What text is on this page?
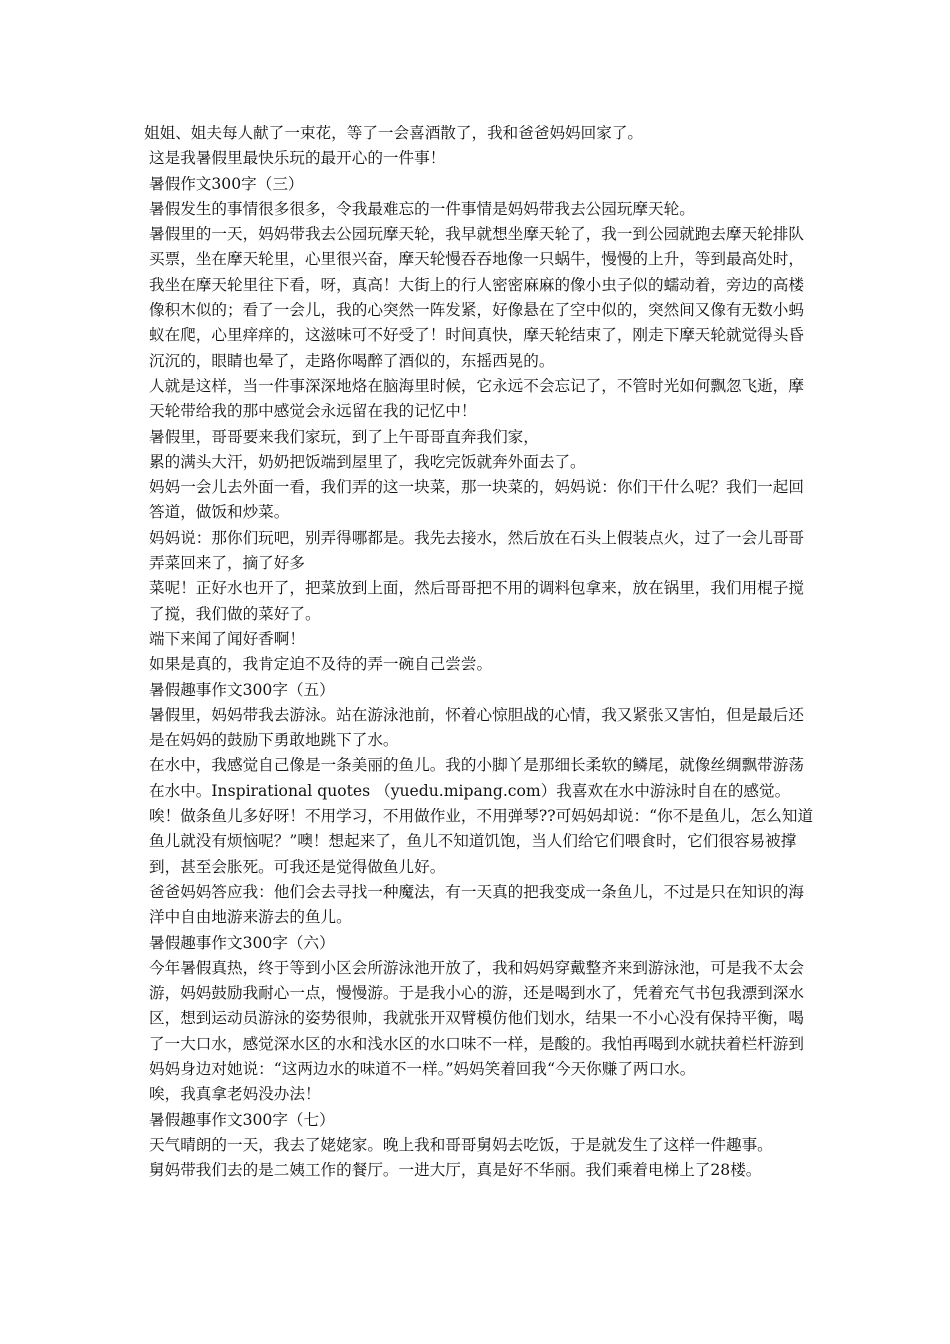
姐姐、姐夫每人献了一束花，等了一会喜酒散了，我和爸爸妈妈回家了。

这是我暑假里最快乐玩的最开心的一件事！

暑假作文300字（三）

暑假发生的事情很多很多，令我最难忘的一件事情是妈妈带我去公园玩摩天轮。

暑假里的一天，妈妈带我去公园玩摩天轮，我早就想坐摩天轮了，我一到公园就跑去摩天轮排队买票，坐在摩天轮里，心里很兴奋，摩天轮慢吞吞地像一只蜗牛，慢慢的上升，等到最高处时，我坐在摩天轮里往下看，呀，真高！大街上的行人密密麻麻的像小虫子似的蠕动着，旁边的高楼像积木似的；看了一会儿，我的心突然一阵发紧，好像悬在了空中似的，突然间又像有无数小蚂蚁在爬，心里痒痒的，这滋味可不好受了！时间真快，摩天轮结束了，刚走下摩天轮就觉得头昏沉沉的，眼睛也晕了，走路你喝醉了酒似的，东摇西晃的。

人就是这样，当一件事深深地烙在脑海里时候，它永远不会忘记了，不管时光如何飘忽飞逝，摩天轮带给我的那中感觉会永远留在我的记忆中！

暑假里，哥哥要来我们家玩，到了上午哥哥直奔我们家，

累的满头大汗，奶奶把饭端到屋里了，我吃完饭就奔外面去了。

妈妈一会儿去外面一看，我们弄的这一块菜，那一块菜的，妈妈说：你们干什么呢？我们一起回答道，做饭和炒菜。

妈妈说：那你们玩吧，别弄得哪都是。我先去接水，然后放在石头上假装点火，过了一会儿哥哥弄菜回来了，摘了好多

菜呢！正好水也开了，把菜放到上面，然后哥哥把不用的调料包拿来，放在锅里，我们用棍子搅了搅，我们做的菜好了。

端下来闻了闻好香啊！

如果是真的，我肯定迫不及待的弄一碗自己尝尝。

暑假趣事作文300字（五）

暑假里，妈妈带我去游泳。站在游泳池前，怀着心惊胆战的心情，我又紧张又害怕，但是最后还是在妈妈的鼓励下勇敢地跳下了水。

在水中，我感觉自己像是一条美丽的鱼儿。我的小脚丫是那细长柔软的鳞尾，就像丝绸飘带游荡在水中。Inspirational quotes （yuedu.mipang.com）我喜欢在水中游泳时自在的感觉。唉！做条鱼儿多好呀！不用学习，不用做作业，不用弹琴??可妈妈却说：“你不是鱼儿，怎么知道鱼儿就没有烦恼呢？”噢！想起来了，鱼儿不知道饥饱，当人们给它们喂食时，它们很容易被撑到，甚至会胀死。可我还是觉得做鱼儿好。

爸爸妈妈答应我：他们会去寻找一种魔法，有一天真的把我变成一条鱼儿，不过是只在知识的海洋中自由地游来游去的鱼儿。

暑假趣事作文300字（六）

今年暑假真热，终于等到小区会所游泳池开放了，我和妈妈穿戴整齐来到游泳池，可是我不太会游，妈妈鼓励我耐心一点，慢慢游。于是我小心的游，还是喝到水了，凭着充气书包我漂到深水区，想到运动员游泳的姿势很帅，我就张开双臂模仿他们划水，结果一不小心没有保持平衡，喝了一大口水，感觉深水区的水和浅水区的水口味不一样，是酸的。我怕再喝到水就扶着栏杆游到妈妈身边对她说：“这两边水的味道不一样。”妈妈笑着回我“今天你赚了两口水。

唉，我真拿老妈没办法！

暑假趣事作文300字（七）

天气晴朗的一天，我去了姥姥家。晚上我和哥哥舅妈去吃饭，于是就发生了这样一件趣事。

舅妈带我们去的是二姨工作的餐厅。一进大厅，真是好不华丽。我们乘着电梯上了28楼。
